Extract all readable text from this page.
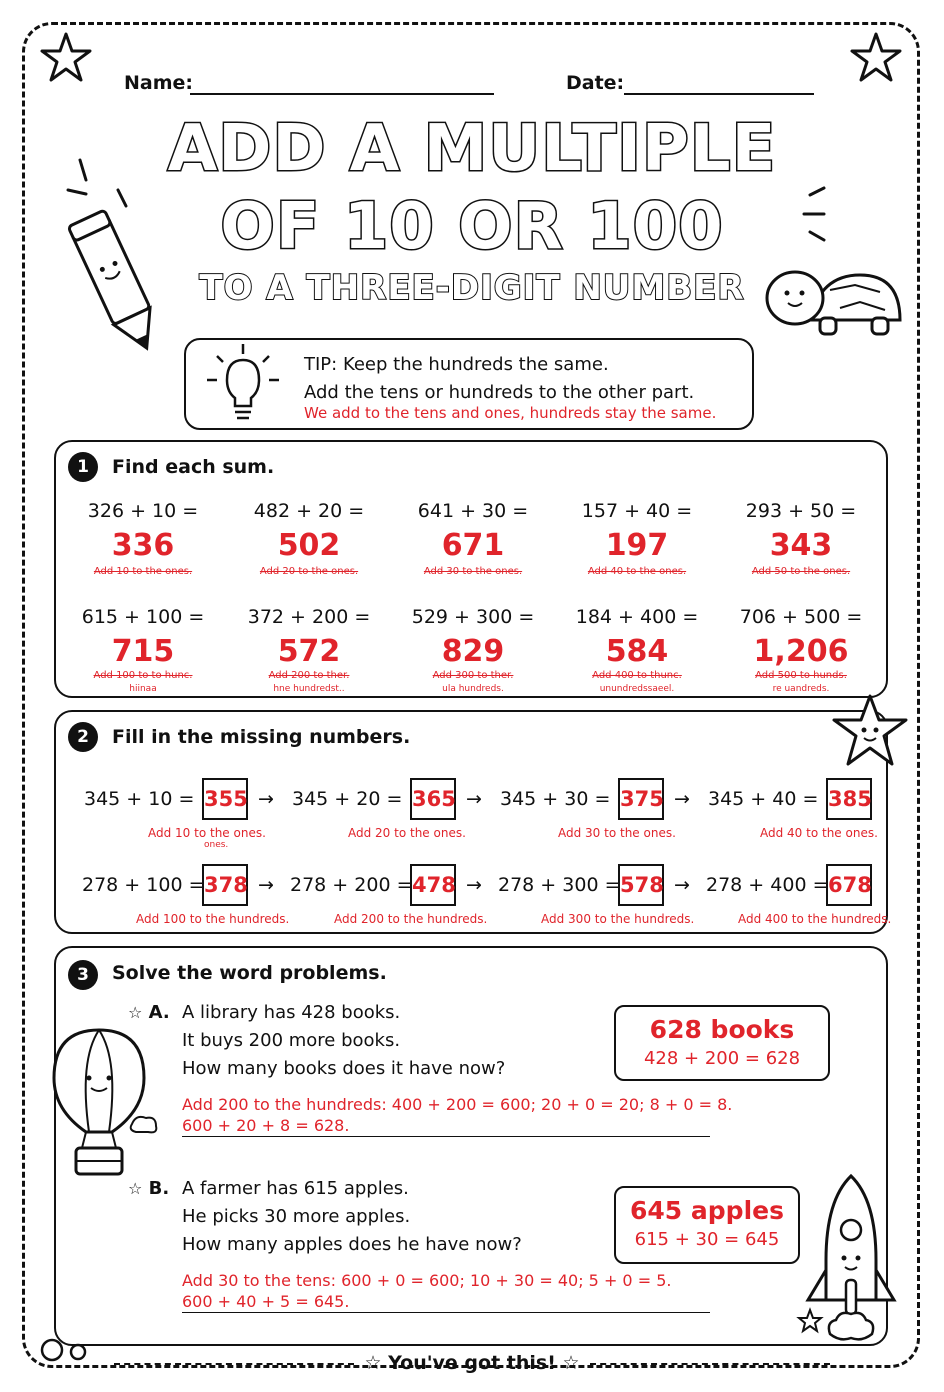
Name:	Date:
ADD A MULTIPLE
OF 10 OR 100
TO A THREE-DIGIT NUMBER
TIP: Keep the hundreds the same.
Add the tens or hundreds to the other part.
We add to the tens and ones, hundreds stay the same.
1	Find each sum.
326 + 10 =
336
Add 10 to the ones.
482 + 20 =
502
Add 20 to the ones.
641 + 30 =
671
Add 30 to the ones.
157 + 40 =
197
Add 40 to the ones.
293 + 50 =
343
Add 50 to the ones.
615 + 100 =
715
Add 100 to to hunc.
hiinaa
372 + 200 =
572
Add 200 to ther.
hne hundredst..
529 + 300 =
829
Add 300 to ther.
ula hundreds.
184 + 400 =
584
Add 400 to thunc.
unundredssaeel.
706 + 500 =
1,206
Add 500 to hunds.
re uandreds.
2	Fill in the missing numbers.
345 + 10 = 355 →
Add 10 to the ones.
ones.
345 + 20 = 365 →
Add 20 to the ones.
345 + 30 = 375 →
Add 30 to the ones.
345 + 40 = 385
Add 40 to the ones.
278 + 100 = 378 →
Add 100 to the hundreds.
278 + 200 = 478 →
Add 200 to the hundreds.
278 + 300 = 578 →
Add 300 to the hundreds.
278 + 400 = 678
Add 400 to the hundreds.
3	Solve the word problems.
☆ A. A library has 428 books.
It buys 200 more books.
How many books does it have now?
628 books
428 + 200 = 628
Add 200 to the hundreds: 400 + 200 = 600; 20 + 0 = 20; 8 + 0 = 8.
600 + 20 + 8 = 628.
☆ B. A farmer has 615 apples.
He picks 30 more apples.
How many apples does he have now?
645 apples
615 + 30 = 645
Add 30 to the tens: 600 + 0 = 600; 10 + 30 = 40; 5 + 0 = 5.
600 + 40 + 5 = 645.
☆ You've got this! ☆
